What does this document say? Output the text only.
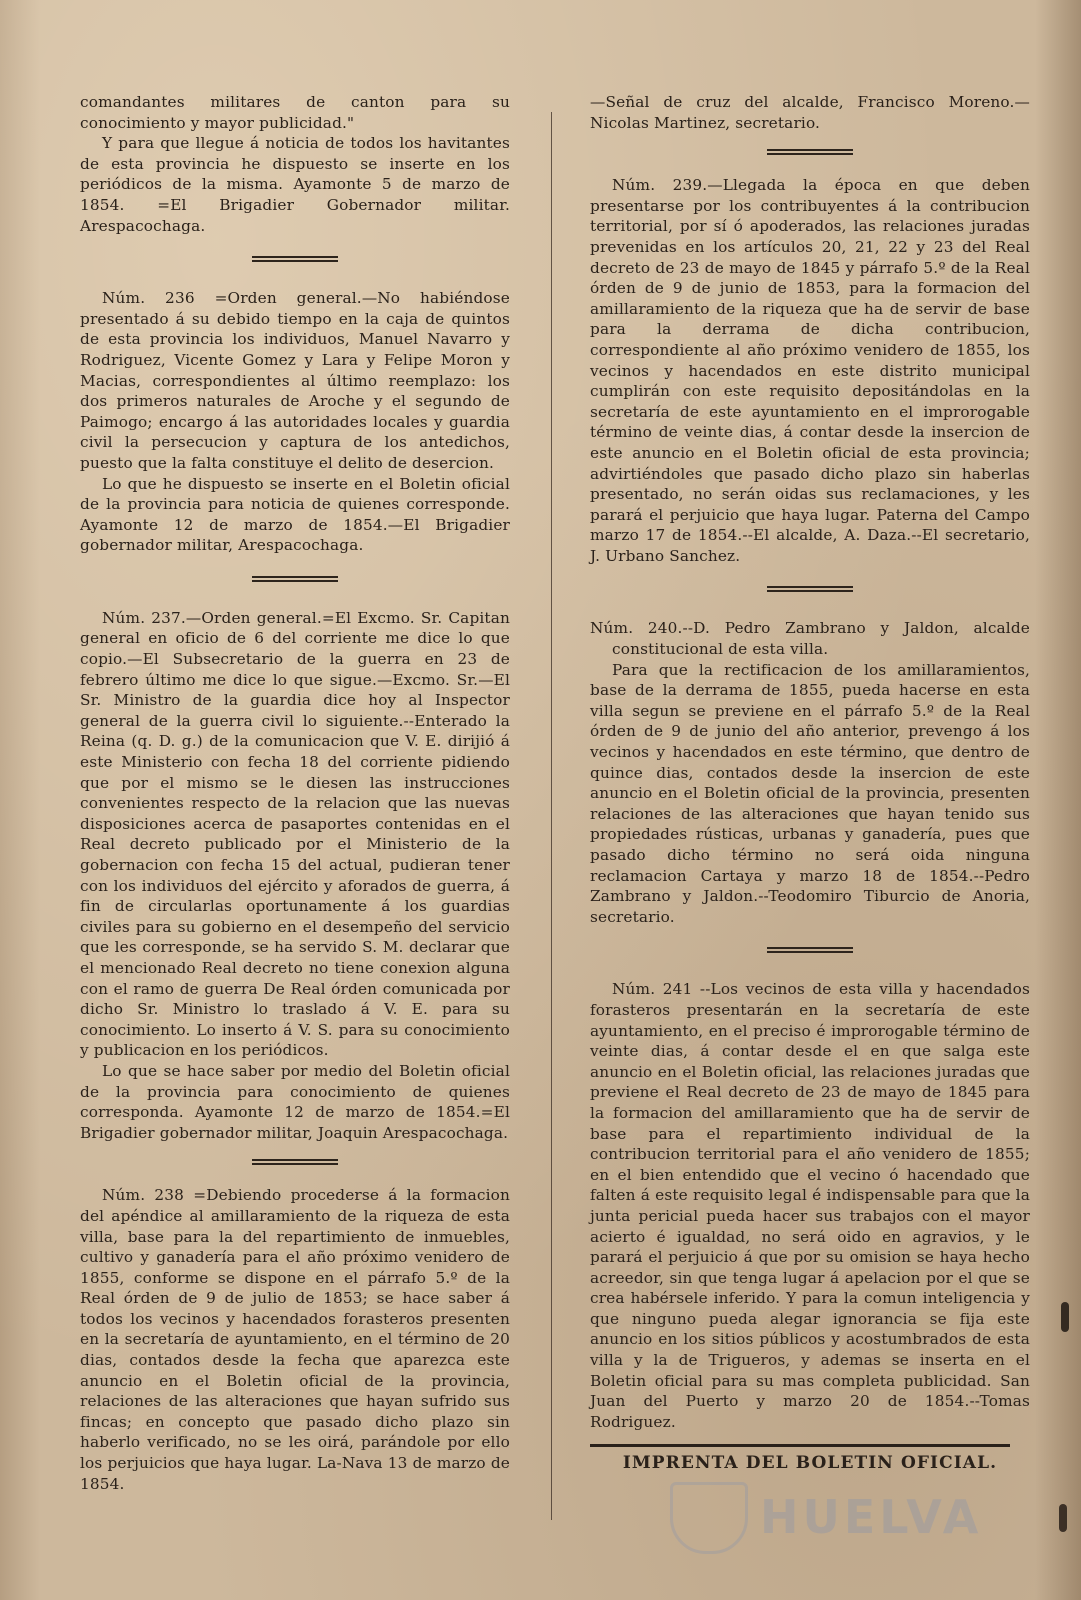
comandantes militares de canton para su conocimiento y mayor publicidad."

Y para que llegue á noticia de todos los havitantes de esta provincia he dispuesto se inserte en los periódicos de la misma. Ayamonte 5 de marzo de 1854. =El Brigadier Gobernador militar. Arespacochaga.

Núm. 236 =Orden general.—No habiéndose presentado á su debido tiempo en la caja de quintos de esta provincia los individuos, Manuel Navarro y Rodriguez, Vicente Gomez y Lara y Felipe Moron y Macias, correspondientes al último reemplazo: los dos primeros naturales de Aroche y el segundo de Paimogo; encargo á las autoridades locales y guardia civil la persecucion y captura de los antedichos, puesto que la falta constituye el delito de desercion.

Lo que he dispuesto se inserte en el Boletin oficial de la provincia para noticia de quienes corresponde. Ayamonte 12 de marzo de 1854.—El Brigadier gobernador militar, Arespacochaga.

Núm. 237.—Orden general.=El Excmo. Sr. Capitan general en oficio de 6 del corriente me dice lo que copio.—El Subsecretario de la guerra en 23 de febrero último me dice lo que sigue.—Excmo. Sr.—El Sr. Ministro de la guardia dice hoy al Inspector general de la guerra civil lo siguiente.--Enterado la Reina (q. D. g.) de la comunicacion que V. E. dirijió á este Ministerio con fecha 18 del corriente pidiendo que por el mismo se le diesen las instrucciones convenientes respecto de la relacion que las nuevas disposiciones acerca de pasaportes contenidas en el Real decreto publicado por el Ministerio de la gobernacion con fecha 15 del actual, pudieran tener con los individuos del ejército y aforados de guerra, á fin de circularlas oportunamente á los guardias civiles para su gobierno en el desempeño del servicio que les corresponde, se ha servido S. M. declarar que el mencionado Real decreto no tiene conexion alguna con el ramo de guerra De Real órden comunicada por dicho Sr. Ministro lo traslado á V. E. para su conocimiento. Lo inserto á V. S. para su conocimiento y publicacion en los periódicos.

Lo que se hace saber por medio del Boletin oficial de la provincia para conocimiento de quienes corresponda. Ayamonte 12 de marzo de 1854.=El Brigadier gobernador militar, Joaquin Arespacochaga.

Núm. 238 =Debiendo procederse á la formacion del apéndice al amillaramiento de la riqueza de esta villa, base para la del repartimiento de inmuebles, cultivo y ganadería para el año próximo venidero de 1855, conforme se dispone en el párrafo 5.º de la Real órden de 9 de julio de 1853; se hace saber á todos los vecinos y hacendados forasteros presenten en la secretaría de ayuntamiento, en el término de 20 dias, contados desde la fecha que aparezca este anuncio en el Boletin oficial de la provincia, relaciones de las alteraciones que hayan sufrido sus fincas; en concepto que pasado dicho plazo sin haberlo verificado, no se les oirá, parándole por ello los perjuicios que haya lugar. La-Nava 13 de marzo de 1854.

—Señal de cruz del alcalde, Francisco Moreno.—Nicolas Martinez, secretario.

Núm. 239.—Llegada la época en que deben presentarse por los contribuyentes á la contribucion territorial, por sí ó apoderados, las relaciones juradas prevenidas en los artículos 20, 21, 22 y 23 del Real decreto de 23 de mayo de 1845 y párrafo 5.º de la Real órden de 9 de junio de 1853, para la formacion del amillaramiento de la riqueza que ha de servir de base para la derrama de dicha contribucion, correspondiente al año próximo venidero de 1855, los vecinos y hacendados en este distrito municipal cumplirán con este requisito depositándolas en la secretaría de este ayuntamiento en el improrogable término de veinte dias, á contar desde la insercion de este anuncio en el Boletin oficial de esta provincia; advirtiéndoles que pasado dicho plazo sin haberlas presentado, no serán oidas sus reclamaciones, y les parará el perjuicio que haya lugar. Paterna del Campo marzo 17 de 1854.--El alcalde, A. Daza.--El secretario, J. Urbano Sanchez.

Núm. 240.--D. Pedro Zambrano y Jaldon, alcalde constitucional de esta villa.

Para que la rectificacion de los amillaramientos, base de la derrama de 1855, pueda hacerse en esta villa segun se previene en el párrafo 5.º de la Real órden de 9 de junio del año anterior, prevengo á los vecinos y hacendados en este término, que dentro de quince dias, contados desde la insercion de este anuncio en el Boletin oficial de la provincia, presenten relaciones de las alteraciones que hayan tenido sus propiedades rústicas, urbanas y ganadería, pues que pasado dicho término no será oida ninguna reclamacion Cartaya y marzo 18 de 1854.--Pedro Zambrano y Jaldon.--Teodomiro Tiburcio de Anoria, secretario.

Núm. 241 --Los vecinos de esta villa y hacendados forasteros presentarán en la secretaría de este ayuntamiento, en el preciso é improrogable término de veinte dias, á contar desde el en que salga este anuncio en el Boletin oficial, las relaciones juradas que previene el Real decreto de 23 de mayo de 1845 para la formacion del amillaramiento que ha de servir de base para el repartimiento individual de la contribucion territorial para el año venidero de 1855; en el bien entendido que el vecino ó hacendado que falten á este requisito legal é indispensable para que la junta pericial pueda hacer sus trabajos con el mayor acierto é igualdad, no será oido en agravios, y le parará el perjuicio á que por su omision se haya hecho acreedor, sin que tenga lugar á apelacion por el que se crea habérsele inferido. Y para la comun inteligencia y que ninguno pueda alegar ignorancia se fija este anuncio en los sitios públicos y acostumbrados de esta villa y la de Trigueros, y ademas se inserta en el Boletin oficial para su mas completa publicidad. San Juan del Puerto y marzo 20 de 1854.--Tomas Rodriguez.

IMPRENTA DEL BOLETIN OFICIAL.
HUELVA
